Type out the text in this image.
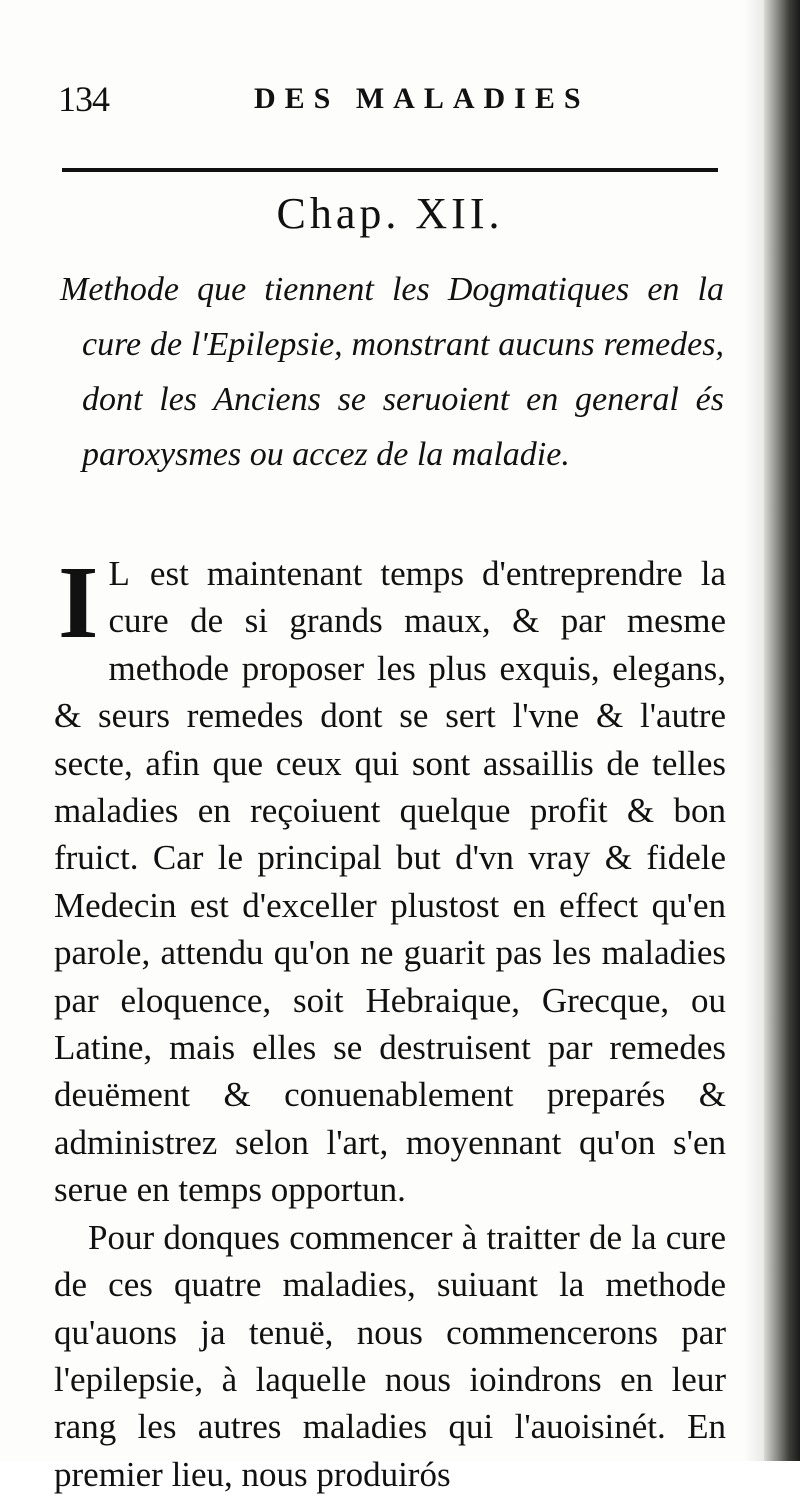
134	DES MALADIES
Chap. XII.
Methode que tiennent les Dogmatiques en la cure de l'Epilepsie, monstrant aucuns remedes, dont les Anciens se seruoient en general és paroxysmes ou accez de la maladie.

I L est maintenant temps d'entreprendre la cure de si grands maux, & par mesme methode proposer les plus exquis, elegans, & seurs remedes dont se sert l'vne & l'autre secte, afin que ceux qui sont assaillis de telles maladies en reçoiuent quelque profit & bon fruict. Car le principal but d'vn vray & fidele Medecin est d'exceller plustost en effect qu'en parole, attendu qu'on ne guarit pas les maladies par eloquence, soit Hebraique, Grecque, ou Latine, mais elles se destruisent par remedes deuëment & conuenablement preparés & administrez selon l'art, moyennant qu'on s'en serue en temps opportun.

Pour donques commencer à traitter de la cure de ces quatre maladies, suiuant la methode qu'auons ja tenuë, nous commencerons par l'epilepsie, à laquelle nous ioindrons en leur rang les autres maladies qui l'auoisinét. En premier lieu, nous produirós
